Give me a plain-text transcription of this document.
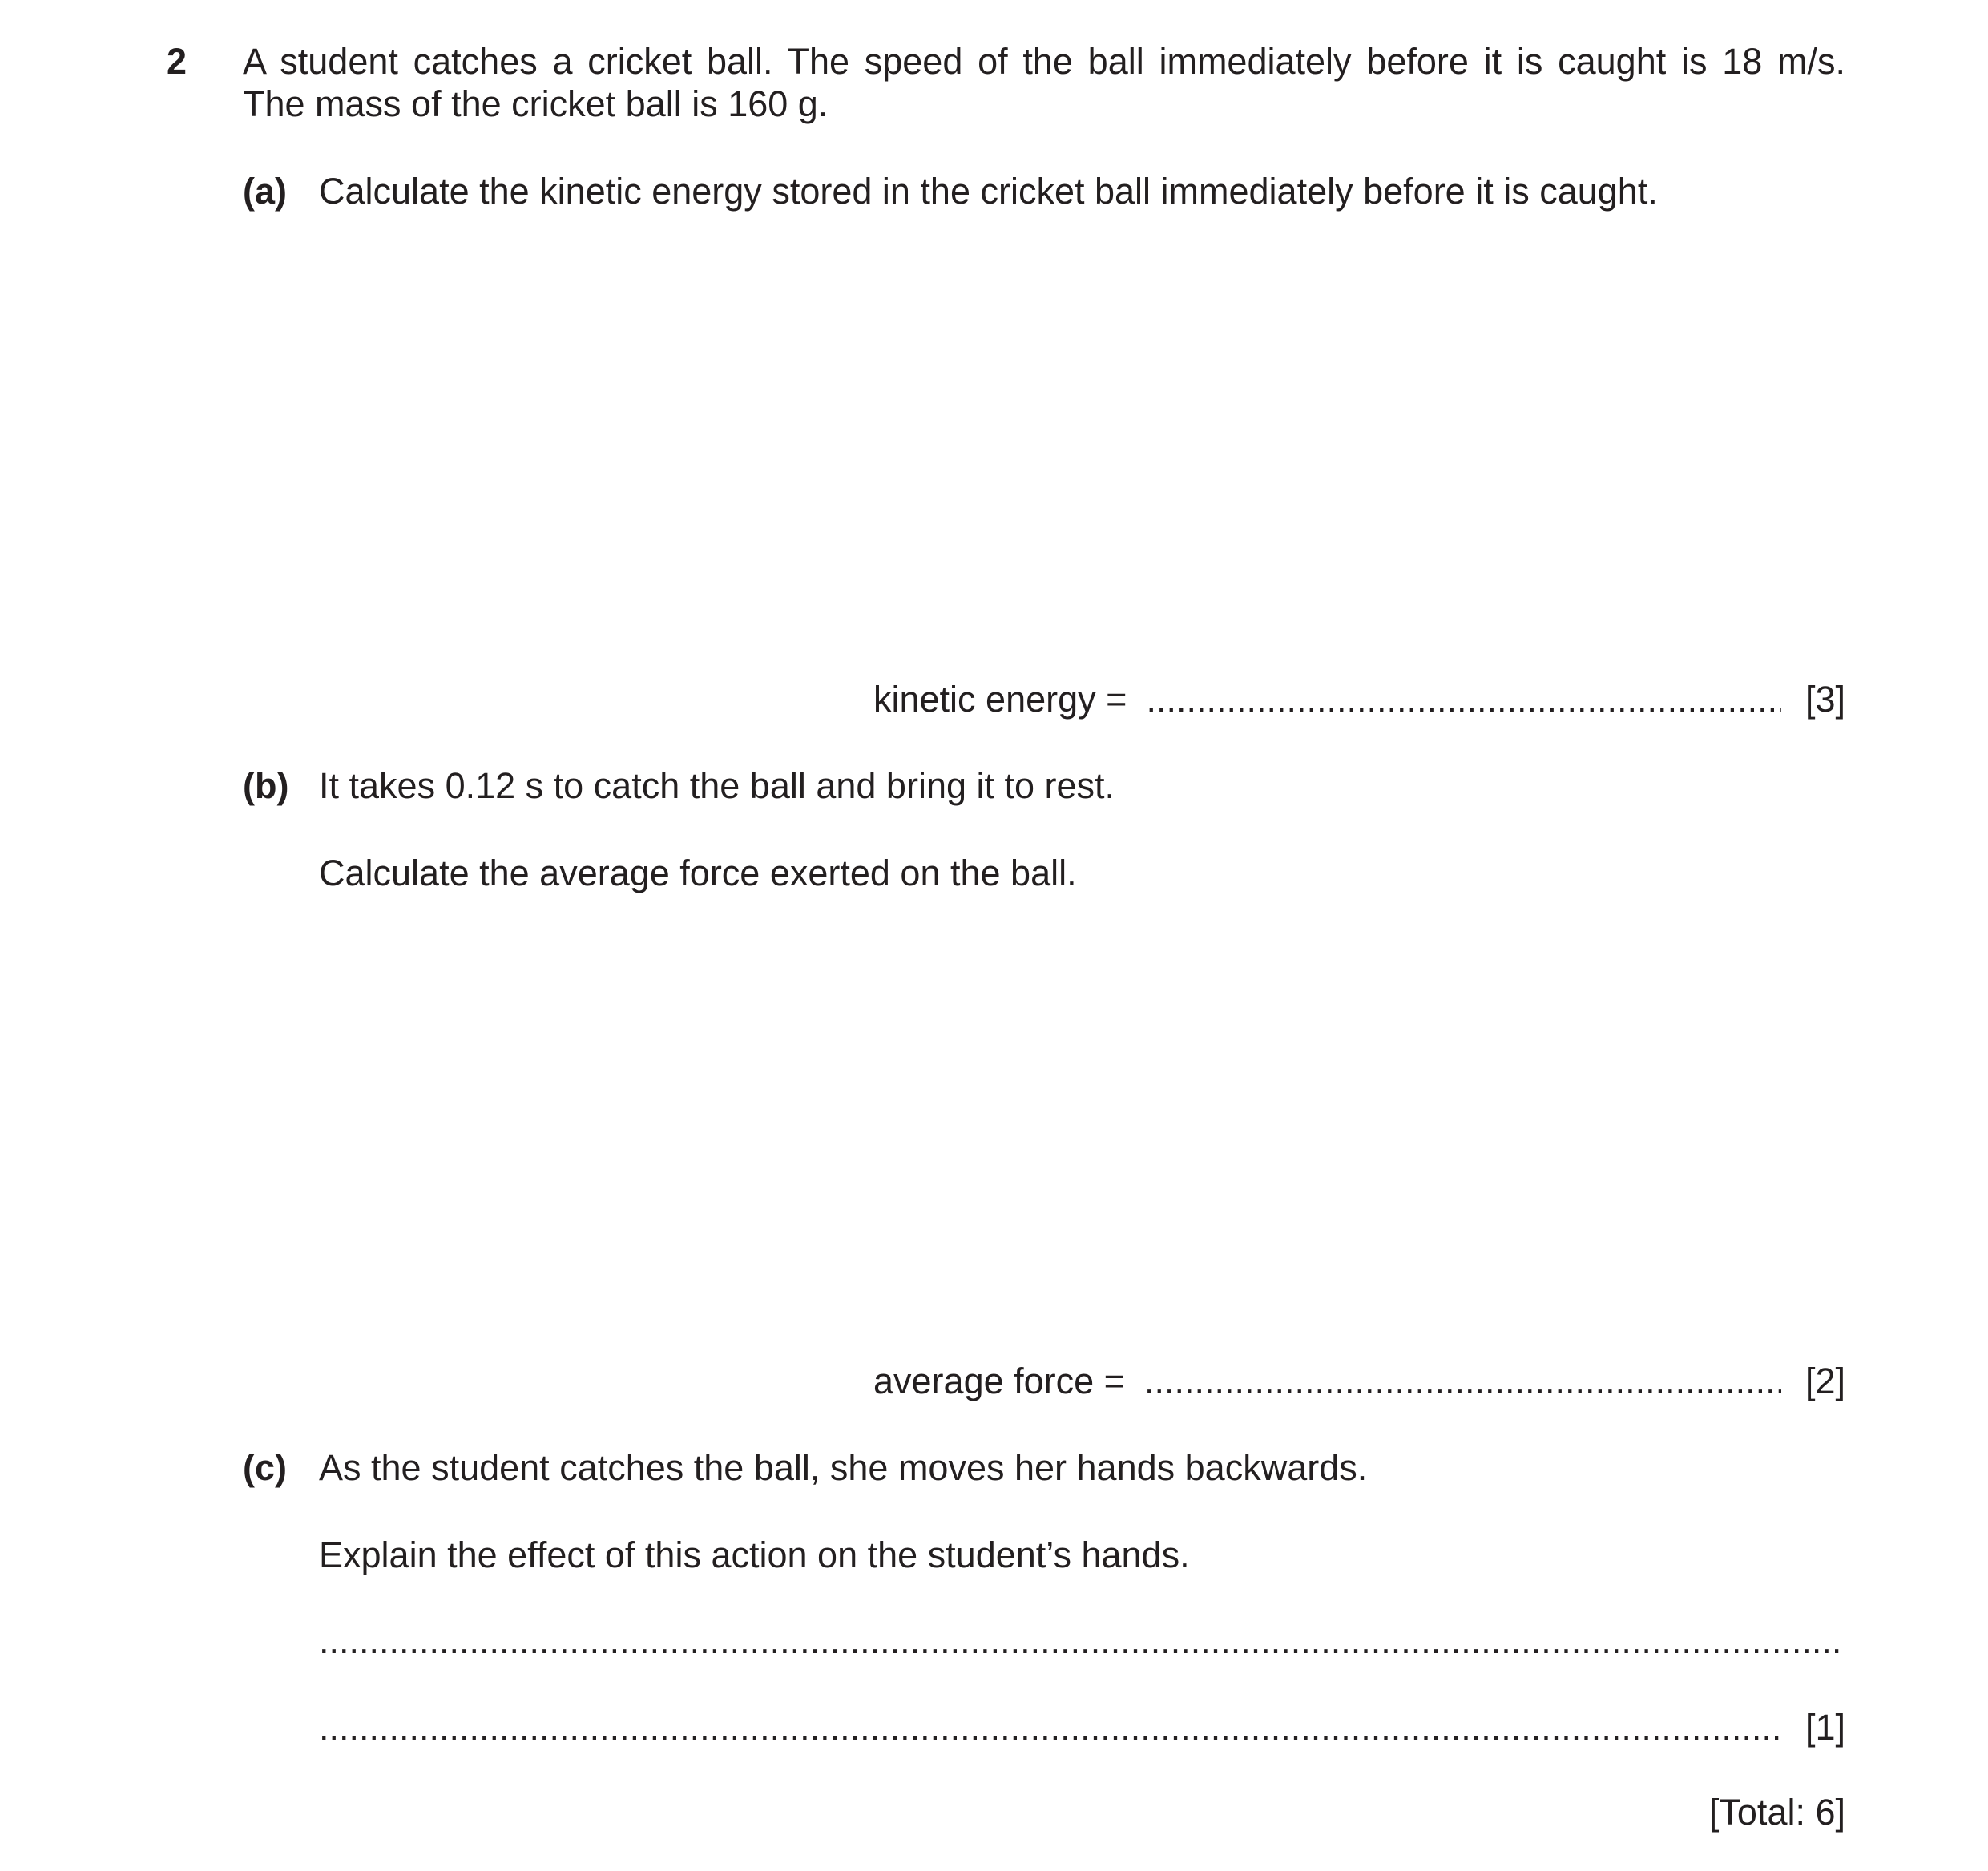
2 A student catches a cricket ball. The speed of the ball immediately before it is caught is 18 m/s.
The mass of the cricket ball is 160 g.
(a) Calculate the kinetic energy stored in the cricket ball immediately before it is caught.
kinetic energy = .....	[3]
(b) It takes 0.12 s to catch the ball and bring it to rest.
Calculate the average force exerted on the ball.
average force = .....	[2]
(c) As the student catches the ball, she moves her hands backwards.
Explain the effect of this action on the student’s hands.
.....
.....
[1]
[Total: 6]
